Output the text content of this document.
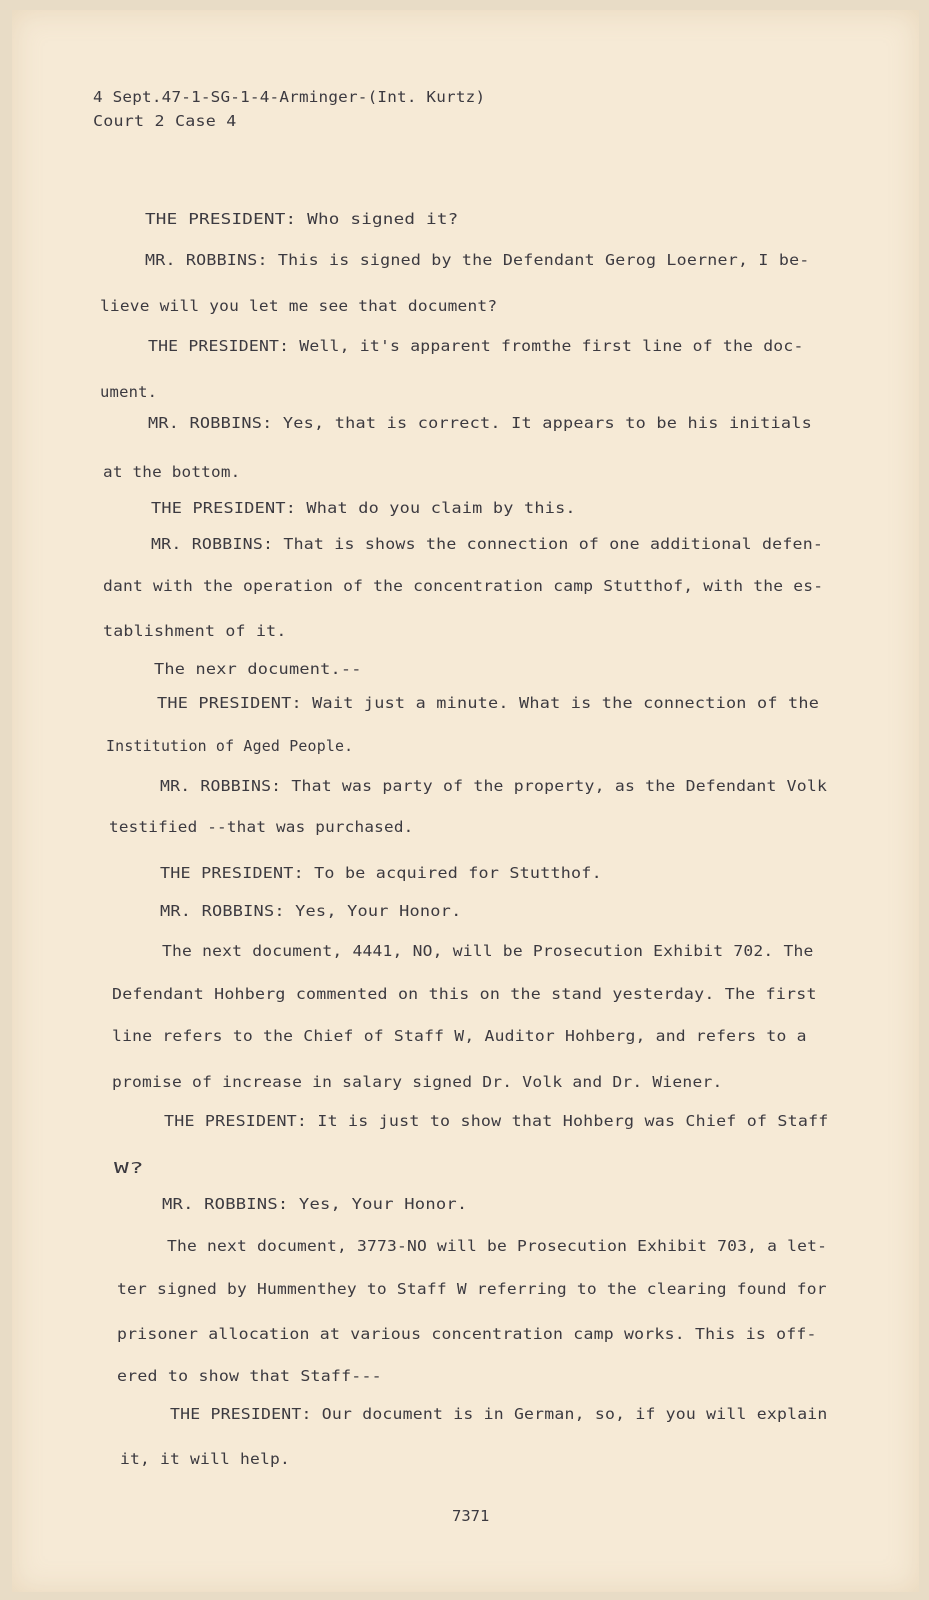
4 Sept.47-1-SG-1-4-Arminger-(Int. Kurtz)
Court 2 Case 4
THE PRESIDENT: Who signed it?
MR. ROBBINS: This is signed by the Defendant Gerog Loerner, I be-
lieve will you let me see that document?
THE PRESIDENT: Well, it's apparent fromthe first line of the doc-
ument.
MR. ROBBINS: Yes, that is correct. It appears to be his initials
at the bottom.
THE PRESIDENT: What do you claim by this.
MR. ROBBINS: That is shows the connection of one additional defen-
dant with the operation of the concentration camp Stutthof, with the es-
tablishment of it.
The nexr document.--
THE PRESIDENT: Wait just a minute. What is the connection of the
Institution of Aged People.
MR. ROBBINS: That was party of the property, as the Defendant Volk
testified --that was purchased.
THE PRESIDENT: To be acquired for Stutthof.
MR. ROBBINS: Yes, Your Honor.
The next document, 4441, NO, will be Prosecution Exhibit 702. The
Defendant Hohberg commented on this on the stand yesterday. The first
line refers to the Chief of Staff W, Auditor Hohberg, and refers to a
promise of increase in salary signed Dr. Volk and Dr. Wiener.
THE PRESIDENT: It is just to show that Hohberg was Chief of Staff
W?
MR. ROBBINS: Yes, Your Honor.
The next document, 3773-NO will be Prosecution Exhibit 703, a let-
ter signed by Hummenthey to Staff W referring to the clearing found for
prisoner allocation at various concentration camp works. This is off-
ered to show that Staff---
THE PRESIDENT: Our document is in German, so, if you will explain
it, it will help.
7371
